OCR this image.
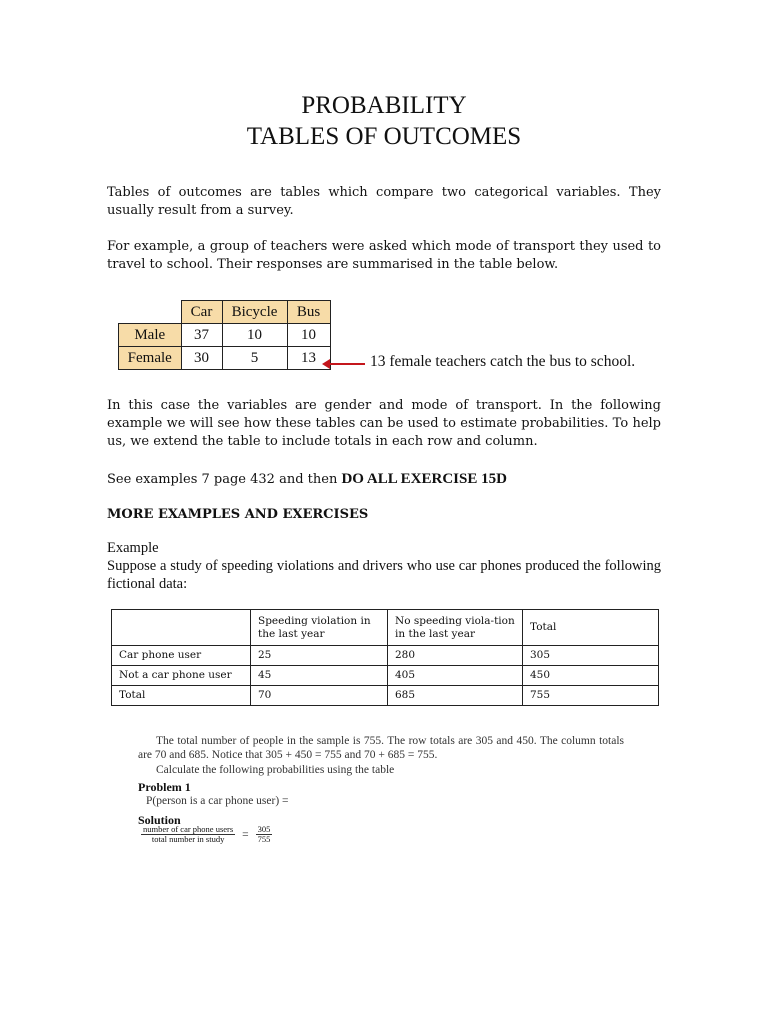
PROBABILITY
TABLES OF OUTCOMES
Tables of outcomes are tables which compare two categorical variables. They usually result from a survey.
For example, a group of teachers were asked which mode of transport they used to travel to school. Their responses are summarised in the table below.
	Car	Bicycle	Bus
Male	37	10	10
Female	30	5	13	13 female teachers catch the bus to school.
In this case the variables are gender and mode of transport. In the following example we will see how these tables can be used to estimate probabilities. To help us, we extend the table to include totals in each row and column.
See examples 7 page 432 and then DO ALL EXERCISE 15D
MORE EXAMPLES AND EXERCISES
Example
Suppose a study of speeding violations and drivers who use car phones produced the following fictional data:
	Speeding violation in the last year	No speeding viola-tion in the last year	Total
Car phone user	25	280	305
Not a car phone user	45	405	450
Total	70	685	755
The total number of people in the sample is 755. The row totals are 305 and 450. The column totals are 70 and 685. Notice that 305 + 450 = 755 and 70 + 685 = 755.
Calculate the following probabilities using the table
Problem 1
P(person is a car phone user) =
Solution
$\frac{\text{number of car phone users}}{\text{total number in study}} = \frac{305}{755}$
